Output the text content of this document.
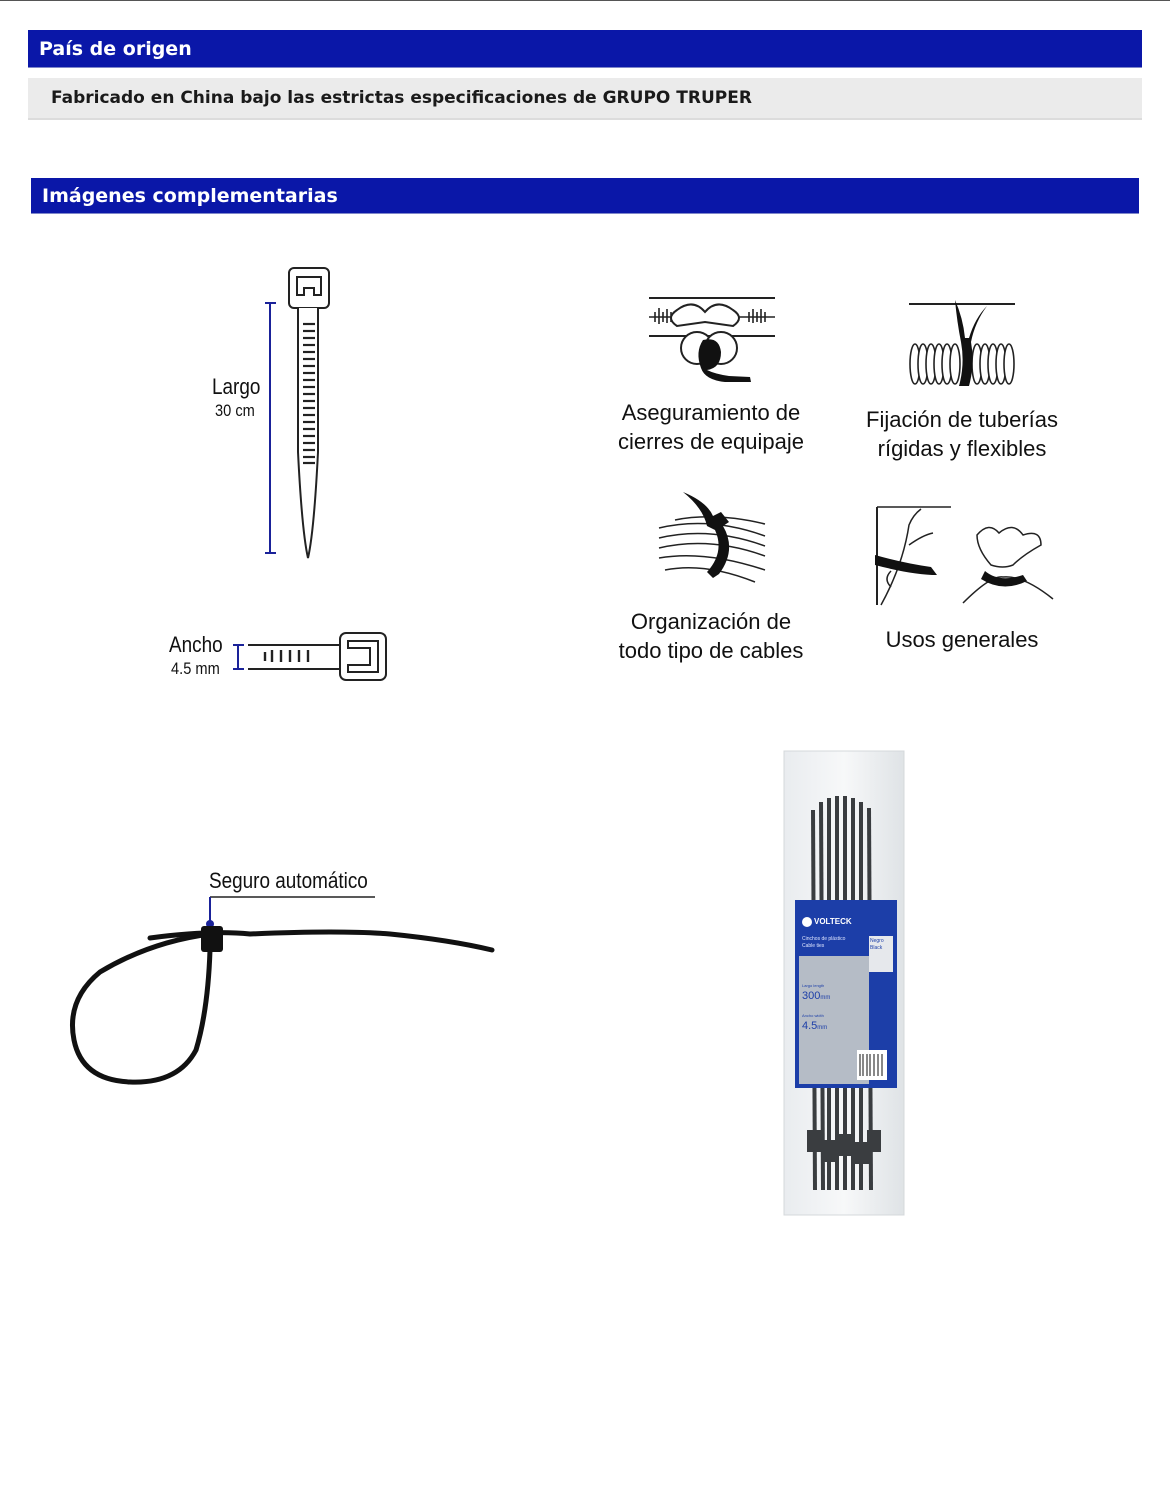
País de origen
Fabricado en China bajo las estrictas especificaciones de GRUPO TRUPER
Imágenes complementarias
Largo
30 cm
Ancho
4.5 mm
Aseguramiento de
cierres de equipaje
Fijación de tuberías
rígidas y flexibles
Organización de
todo tipo de cables	Usos generales
Seguro automático
VOLTECK
Cinchos de plástico
Cable ties
Negro
Black
Largo length
300mm
Ancho width
4.5mm
